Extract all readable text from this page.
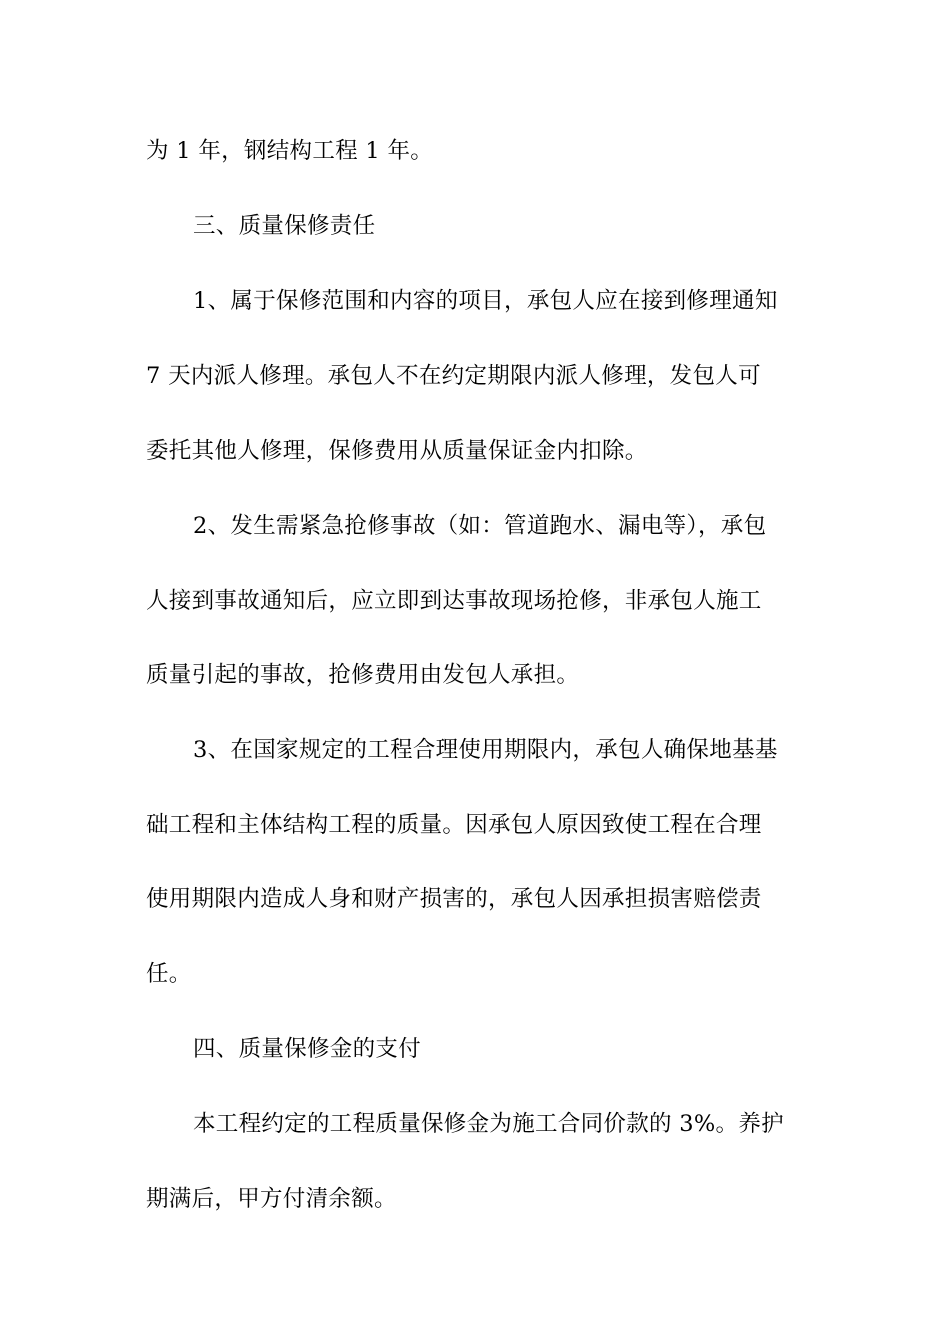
为 1 年，钢结构工程 1 年。
三、质量保修责任
1、属于保修范围和内容的项目，承包人应在接到修理通知
7 天内派人修理。承包人不在约定期限内派人修理，发包人可
委托其他人修理，保修费用从质量保证金内扣除。
2、发生需紧急抢修事故（如：管道跑水、漏电等），承包
人接到事故通知后，应立即到达事故现场抢修，非承包人施工
质量引起的事故，抢修费用由发包人承担。
3、在国家规定的工程合理使用期限内，承包人确保地基基
础工程和主体结构工程的质量。因承包人原因致使工程在合理
使用期限内造成人身和财产损害的，承包人因承担损害赔偿责
任。
四、质量保修金的支付
本工程约定的工程质量保修金为施工合同价款的 3%。养护
期满后，甲方付清余额。
